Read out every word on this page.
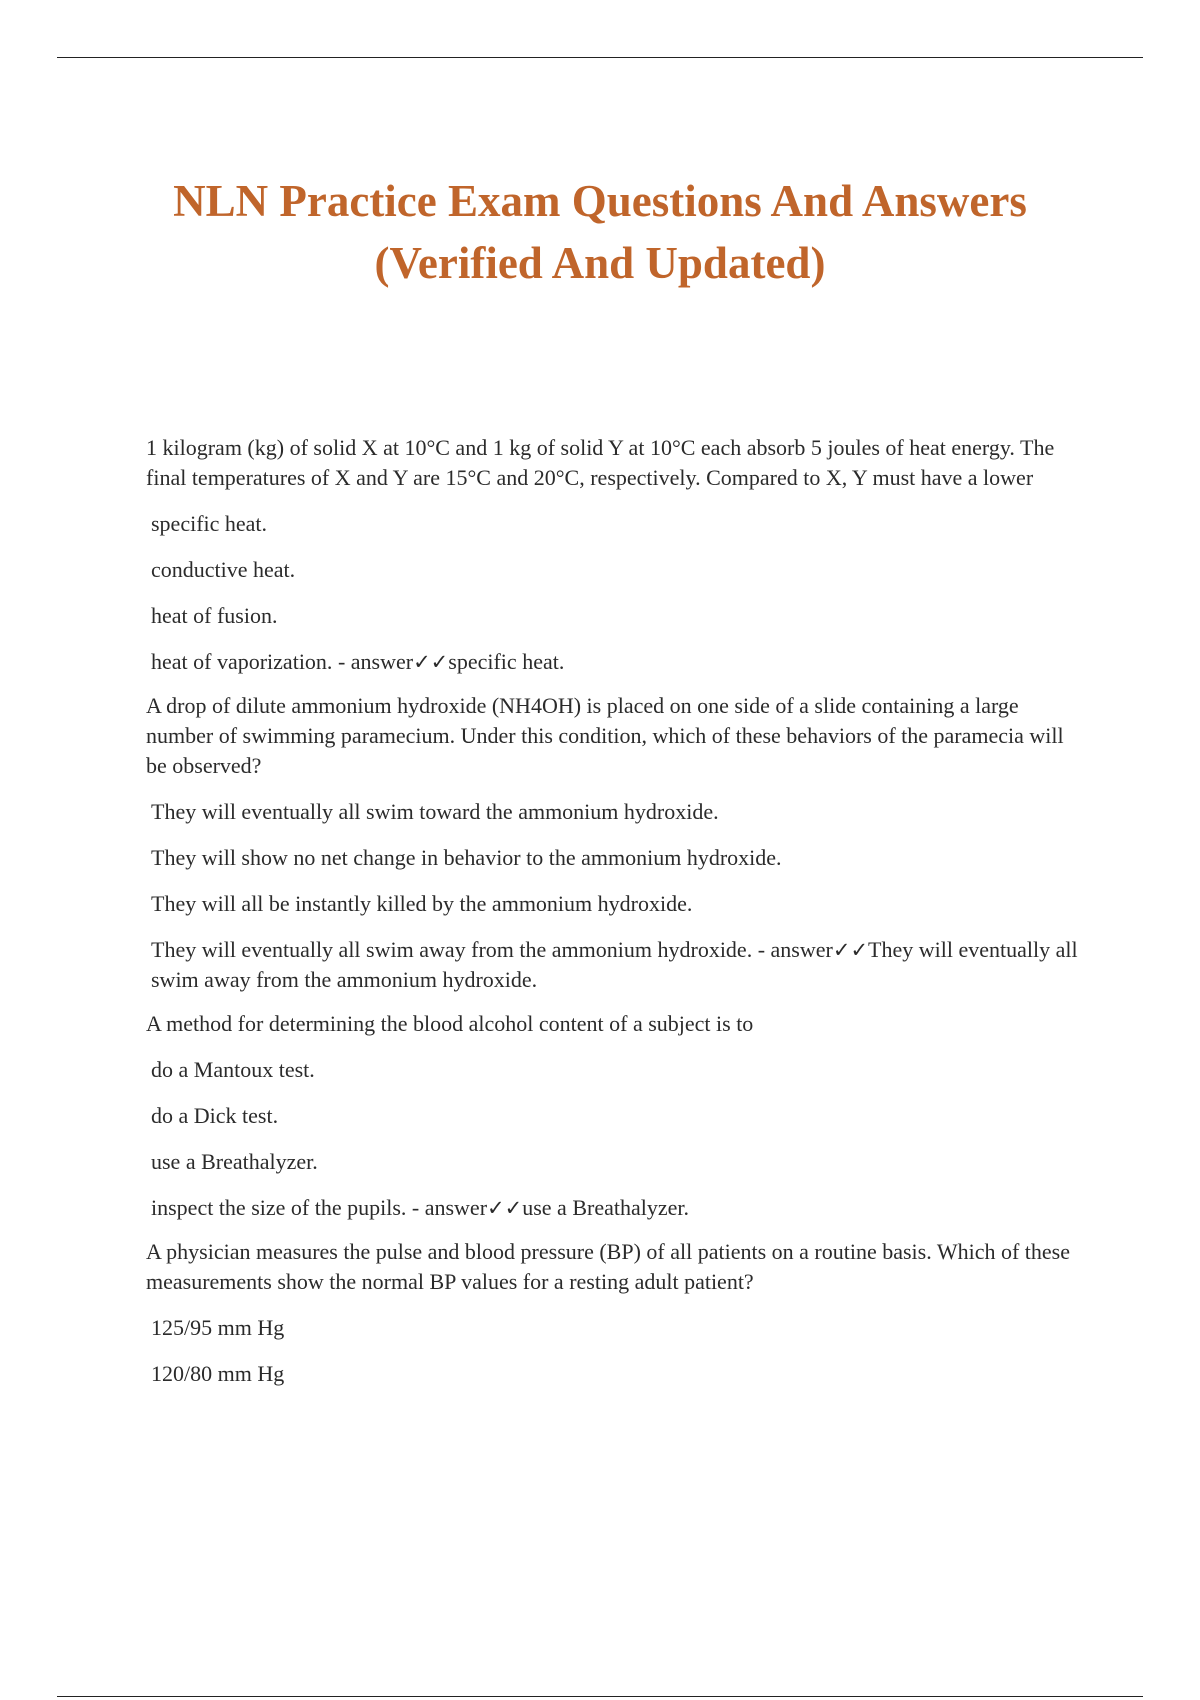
NLN Practice Exam Questions And Answers
(Verified And Updated)

1 kilogram (kg) of solid X at 10°C and 1 kg of solid Y at 10°C each absorb 5 joules of heat energy. The final temperatures of X and Y are 15°C and 20°C, respectively. Compared to X, Y must have a lower

specific heat.

conductive heat.

heat of fusion.

heat of vaporization. - answer✓✓specific heat.

A drop of dilute ammonium hydroxide (NH4OH) is placed on one side of a slide containing a large number of swimming paramecium. Under this condition, which of these behaviors of the paramecia will be observed?

They will eventually all swim toward the ammonium hydroxide.

They will show no net change in behavior to the ammonium hydroxide.

They will all be instantly killed by the ammonium hydroxide.

They will eventually all swim away from the ammonium hydroxide. - answer✓✓They will eventually all swim away from the ammonium hydroxide.

A method for determining the blood alcohol content of a subject is to

do a Mantoux test.

do a Dick test.

use a Breathalyzer.

inspect the size of the pupils. - answer✓✓use a Breathalyzer.

A physician measures the pulse and blood pressure (BP) of all patients on a routine basis. Which of these measurements show the normal BP values for a resting adult patient?

125/95 mm Hg

120/80 mm Hg
